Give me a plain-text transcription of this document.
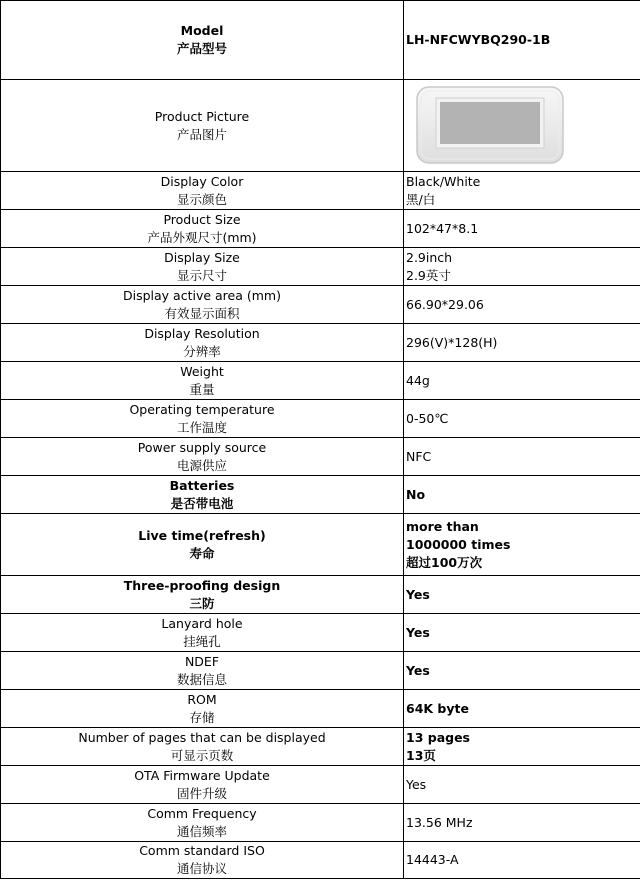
Model
产品型号	LH-NFCWYBQ290-1B

Product Picture
产品图片

Display Color
显示颜色	Black/White
黑/白

Product Size
产品外观尺寸(mm)	102*47*8.1

Display Size
显示尺寸	2.9inch
2.9英寸

Display active area (mm)
有效显示面积	66.90*29.06

Display Resolution
分辨率	296(V)*128(H)

Weight
重量	44g

Operating temperature
工作温度	0-50℃

Power supply source
电源供应	NFC

Batteries
是否带电池	No

Live time(refresh)
寿命	more than
1000000 times
超过100万次

Three-proofing design
三防	Yes

Lanyard hole
挂绳孔	Yes

NDEF
数据信息	Yes

ROM
存储	64K byte

Number of pages that can be displayed
可显示页数	13 pages
13页

OTA Firmware Update
固件升级	Yes

Comm Frequency
通信频率	13.56 MHz

Comm standard ISO
通信协议	14443-A
